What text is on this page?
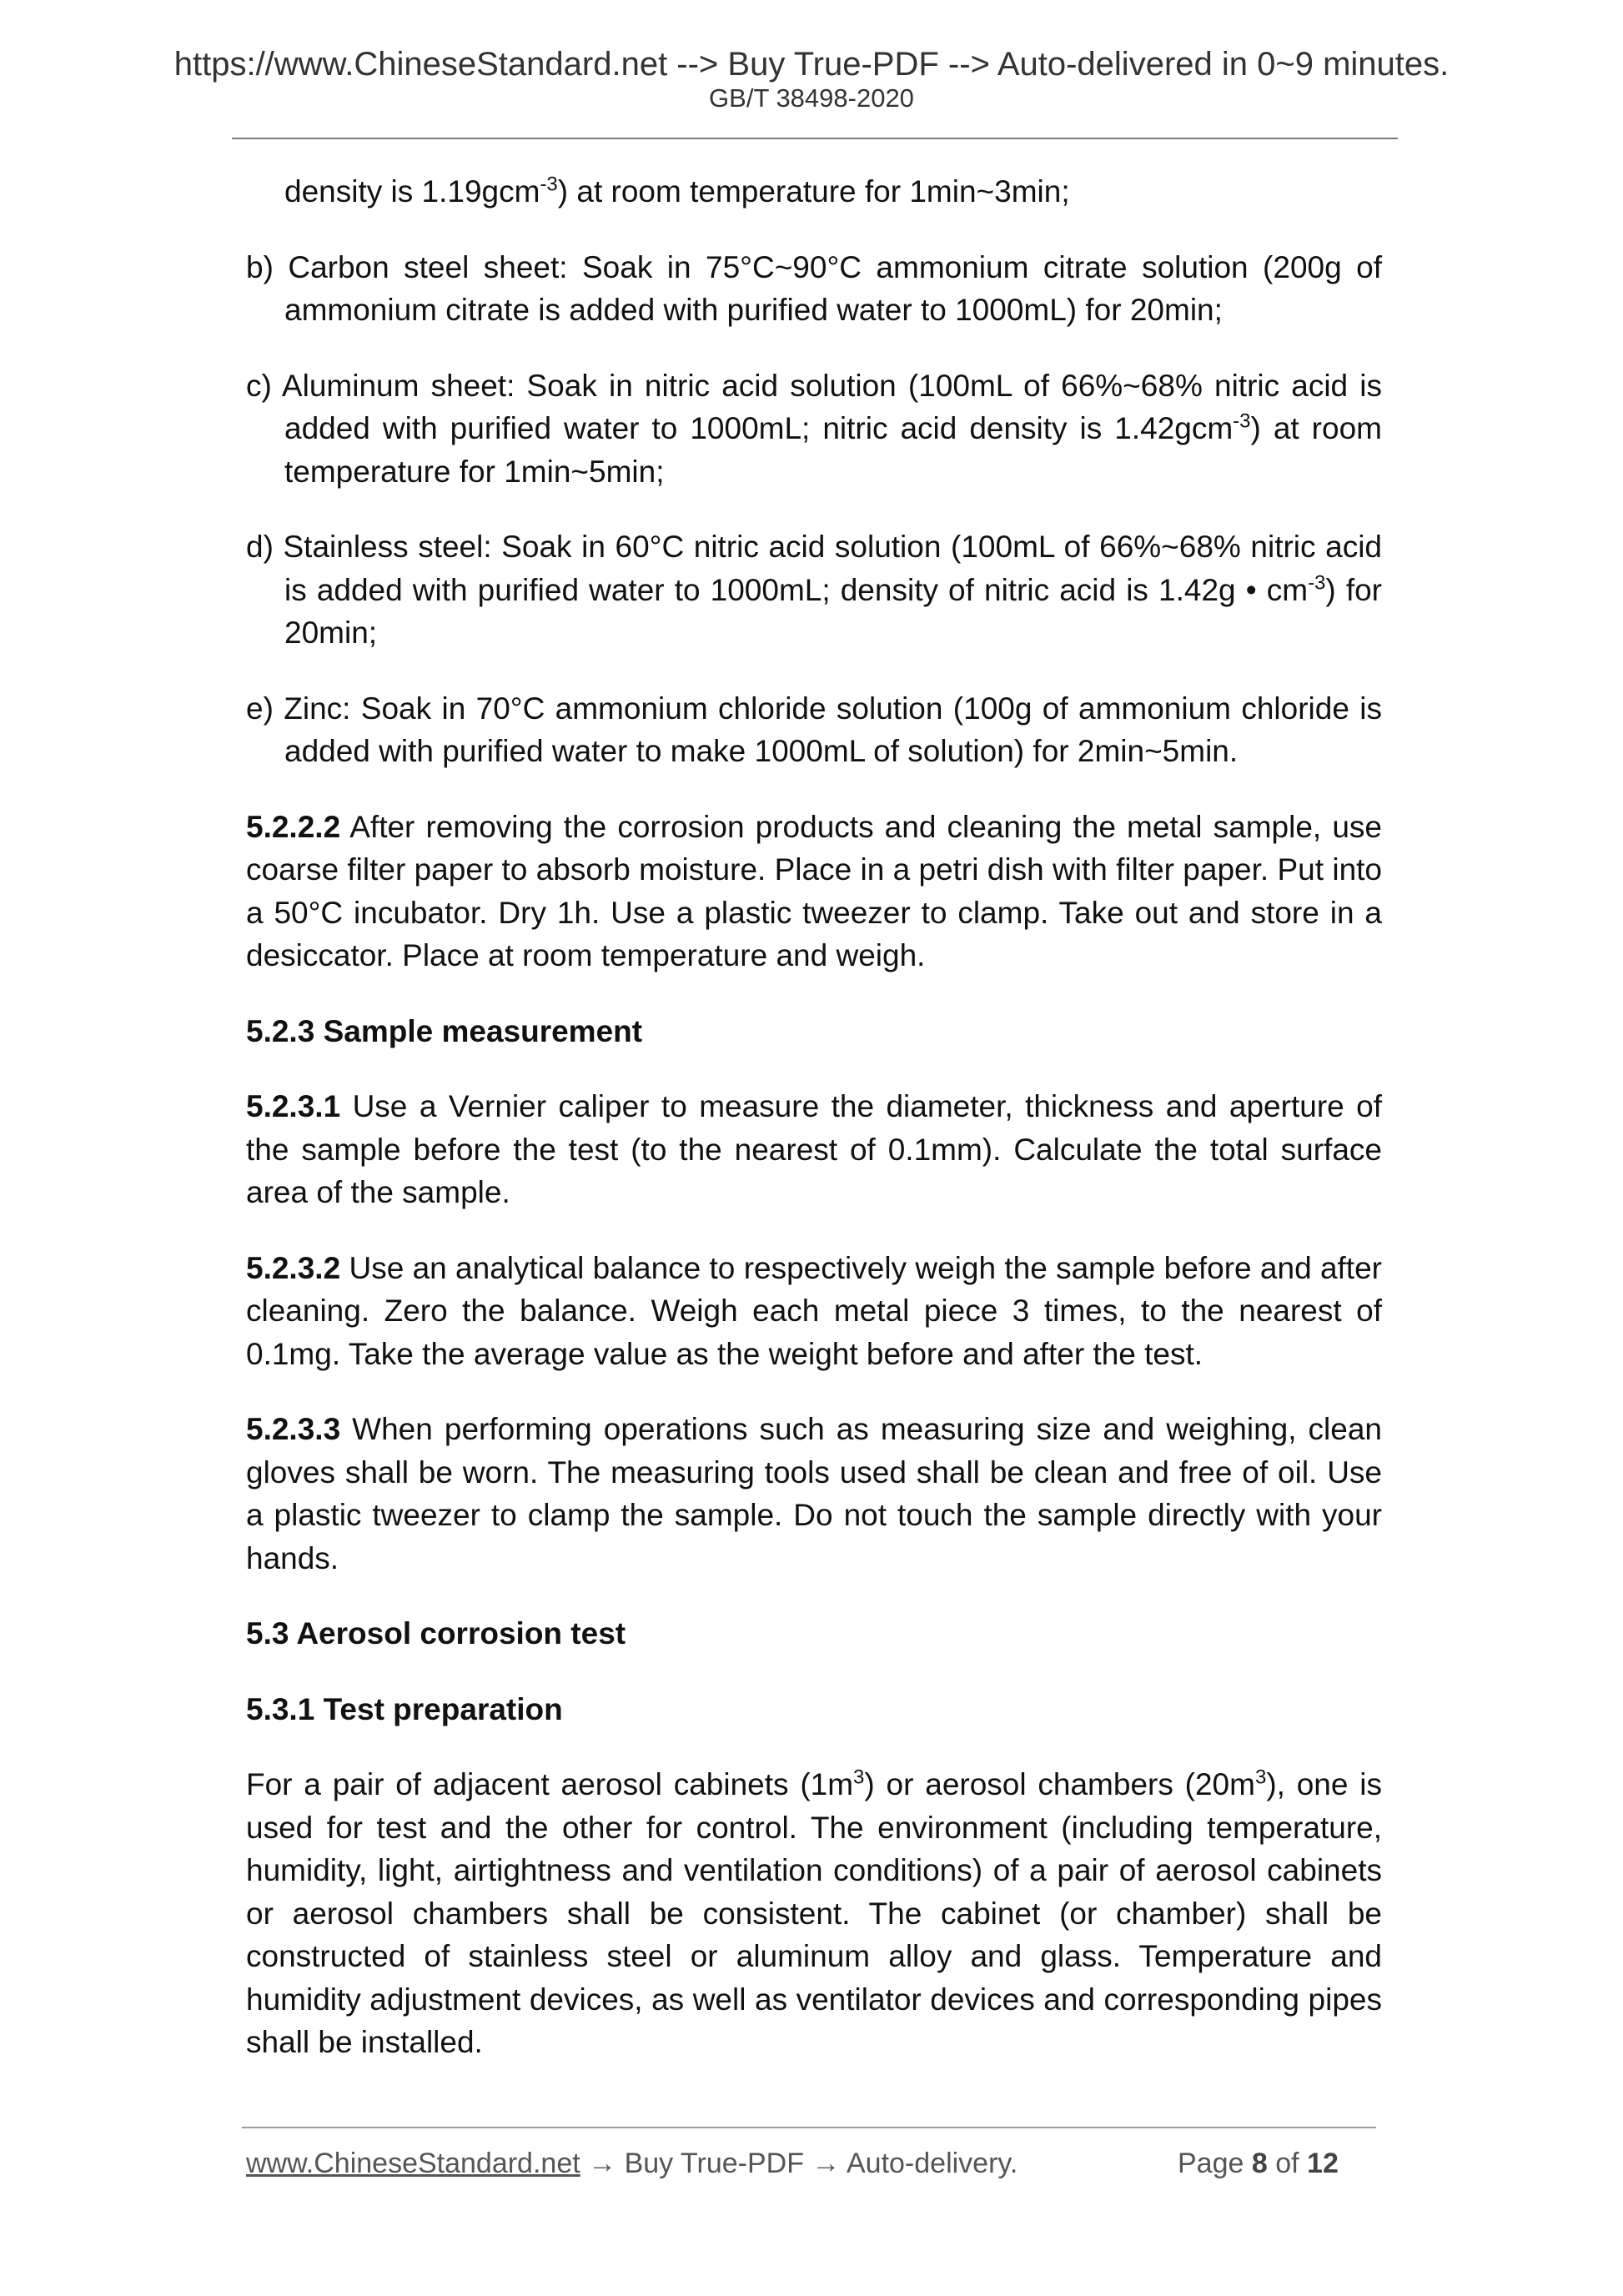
https://www.ChineseStandard.net --> Buy True-PDF --> Auto-delivered in 0~9 minutes.
GB/T 38498-2020

density is 1.19gcm$^{-3}$) at room temperature for 1min~3min;

b) Carbon steel sheet: Soak in 75°C~90°C ammonium citrate solution (200g of ammonium citrate is added with purified water to 1000mL) for 20min;

c) Aluminum sheet: Soak in nitric acid solution (100mL of 66%~68% nitric acid is added with purified water to 1000mL; nitric acid density is 1.42gcm$^{-3}$) at room temperature for 1min~5min;

d) Stainless steel: Soak in 60°C nitric acid solution (100mL of 66%~68% nitric acid is added with purified water to 1000mL; density of nitric acid is 1.42g • $cm^{-3}$) for 20min;

e) Zinc: Soak in 70°C ammonium chloride solution (100g of ammonium chloride is added with purified water to make 1000mL of solution) for 2min~5min.

5.2.2.2 After removing the corrosion products and cleaning the metal sample, use coarse filter paper to absorb moisture. Place in a petri dish with filter paper. Put into a 50°C incubator. Dry 1h. Use a plastic tweezer to clamp. Take out and store in a desiccator. Place at room temperature and weigh.

5.2.3 Sample measurement

5.2.3.1 Use a Vernier caliper to measure the diameter, thickness and aperture of the sample before the test (to the nearest of 0.1mm). Calculate the total surface area of the sample.

5.2.3.2 Use an analytical balance to respectively weigh the sample before and after cleaning. Zero the balance. Weigh each metal piece 3 times, to the nearest of 0.1mg. Take the average value as the weight before and after the test.

5.2.3.3 When performing operations such as measuring size and weighing, clean gloves shall be worn. The measuring tools used shall be clean and free of oil. Use a plastic tweezer to clamp the sample. Do not touch the sample directly with your hands.

5.3 Aerosol corrosion test

5.3.1 Test preparation

For a pair of adjacent aerosol cabinets $(1m^3)$ or aerosol chambers $(20m^3)$, one is used for test and the other for control. The environment (including temperature, humidity, light, airtightness and ventilation conditions) of a pair of aerosol cabinets or aerosol chambers shall be consistent. The cabinet (or chamber) shall be constructed of stainless steel or aluminum alloy and glass. Temperature and humidity adjustment devices, as well as ventilator devices and corresponding pipes shall be installed.

www.ChineseStandard.net → Buy True-PDF → Auto-delivery.	Page 8 of 12
